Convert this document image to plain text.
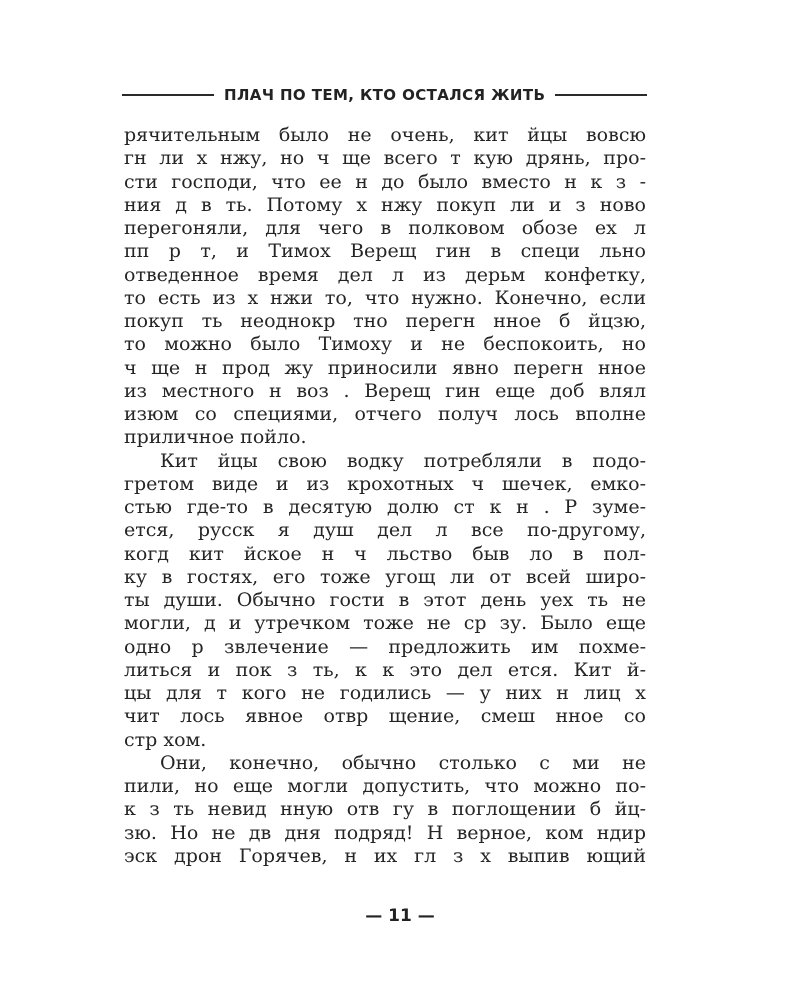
ПЛАЧ ПО ТЕМ, КТО ОСТАЛСЯ ЖИТЬ
рячительным было не очень, кит йцы вовсю
гн ли х нжу, но ч ще всего т кую дрянь, про-
сти господи, что ее н до было вместо н к з -
ния д в ть. Потому х нжу покуп ли и з ново
перегоняли, для чего в полковом обозе ех л
пп р т, и Тимох Верещ гин в специ льно
отведенное время дел л из дерьм конфетку,
то есть из х нжи то, что нужно. Конечно, если
покуп ть неоднокр тно перегн нное б йцзю,
то можно было Тимоху и не беспокоить, но
ч ще н прод жу приносили явно перегн нное
из местного н воз . Верещ гин еще доб влял
изюм со специями, отчего получ лось вполне
приличное пойло.
Кит йцы свою водку потребляли в подо-
гретом виде и из крохотных ч шечек, емко-
стью где-то в десятую долю ст к н . Р зуме-
ется, русск я душ дел л все по-другому,
когд кит йское н ч льство быв ло в пол-
ку в гостях, его тоже угощ ли от всей широ-
ты души. Обычно гости в этот день уех ть не
могли, д и утречком тоже не ср зу. Было еще
одно р звлечение — предложить им похме-
литься и пок з ть, к к это дел ется. Кит й-
цы для т кого не годились — у них н лиц х
чит лось явное отвр щение, смеш нное со
стр хом.
Они, конечно, обычно столько с ми не
пили, но еще могли допустить, что можно по-
к з ть невид нную отв гу в поглощении б йц-
зю. Но не дв дня подряд! Н верное, ком ндир
эск дрон Горячев, н их гл з х выпив ющий
— 11 —
